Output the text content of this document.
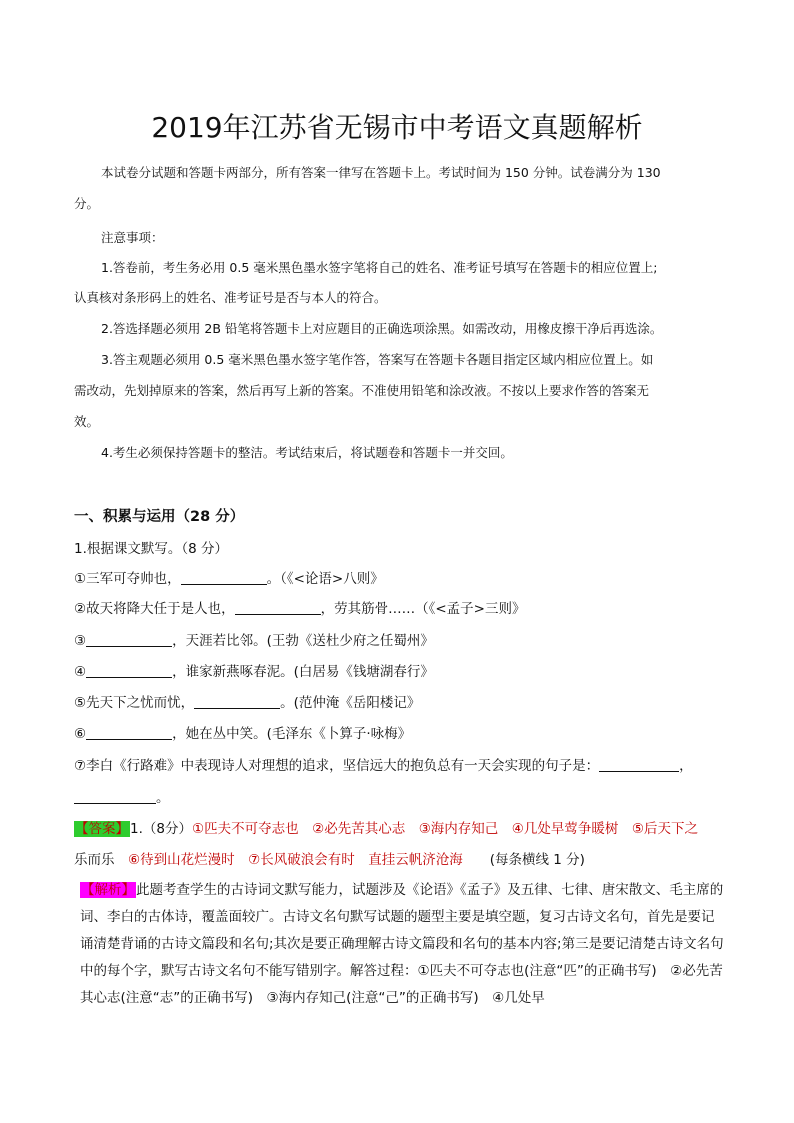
2019年江苏省无锡市中考语文真题解析
本试卷分试题和答题卡两部分，所有答案一律写在答题卡上。考试时间为 150 分钟。试卷满分为 130
分。
注意事项：
1.答卷前，考生务必用 0.5 毫米黑色墨水签字笔将自己的姓名、准考证号填写在答题卡的相应位置上;
认真核对条形码上的姓名、准考证号是否与本人的符合。
2.答选择题必须用 2B 铅笔将答题卡上对应题目的正确选项涂黑。如需改动，用橡皮擦干净后再选涂。
3.答主观题必须用 0.5 毫米黑色墨水签字笔作答，答案写在答题卡各题目指定区域内相应位置上。如
需改动，先划掉原来的答案，然后再写上新的答案。不准使用铅笔和涂改液。不按以上要求作答的答案无
效。
4.考生必须保持答题卡的整洁。考试结束后，将试题卷和答题卡一并交回。
一、积累与运用（28 分）
1.根据课文默写。（8 分）
①三军可夺帅也，	。（《<论语>八则》
②故天将降大任于是人也，	，劳其筋骨……（《<孟子>三则》
③	，天涯若比邻。(王勃《送杜少府之任蜀州》
④	，谁家新燕啄春泥。(白居易《钱塘湖春行》
⑤先天下之忧而忧，	。(范仲淹《岳阳楼记》
⑥	，她在丛中笑。(毛泽东《卜算子·咏梅》
⑦李白《行路难》中表现诗人对理想的追求，坚信远大的抱负总有一天会实现的句子是：	，
。
【答案】1.（8分）①匹夫不可夺志也　②必先苦其心志　③海内存知己　④几处早莺争暖树　⑤后天下之
乐而乐　⑥待到山花烂漫时　⑦长风破浪会有时　直挂云帆济沧海　　(每条横线 1 分)
【解析】此题考查学生的古诗词文默写能力，试题涉及《论语》《孟子》及五律、七律、唐宋散文、毛主席的词、李白的古体诗，覆盖面较广。古诗文名句默写试题的题型主要是填空题，复习古诗文名句，首先是要记诵清楚背诵的古诗文篇段和名句;其次是要正确理解古诗文篇段和名句的基本内容;第三是要记清楚古诗文名句中的每个字，默写古诗文名句不能写错别字。解答过程：①匹夫不可夺志也(注意“匹”的正确书写)　②必先苦其心志(注意“志”的正确书写)　③海内存知己(注意“己”的正确书写)　④几处早
